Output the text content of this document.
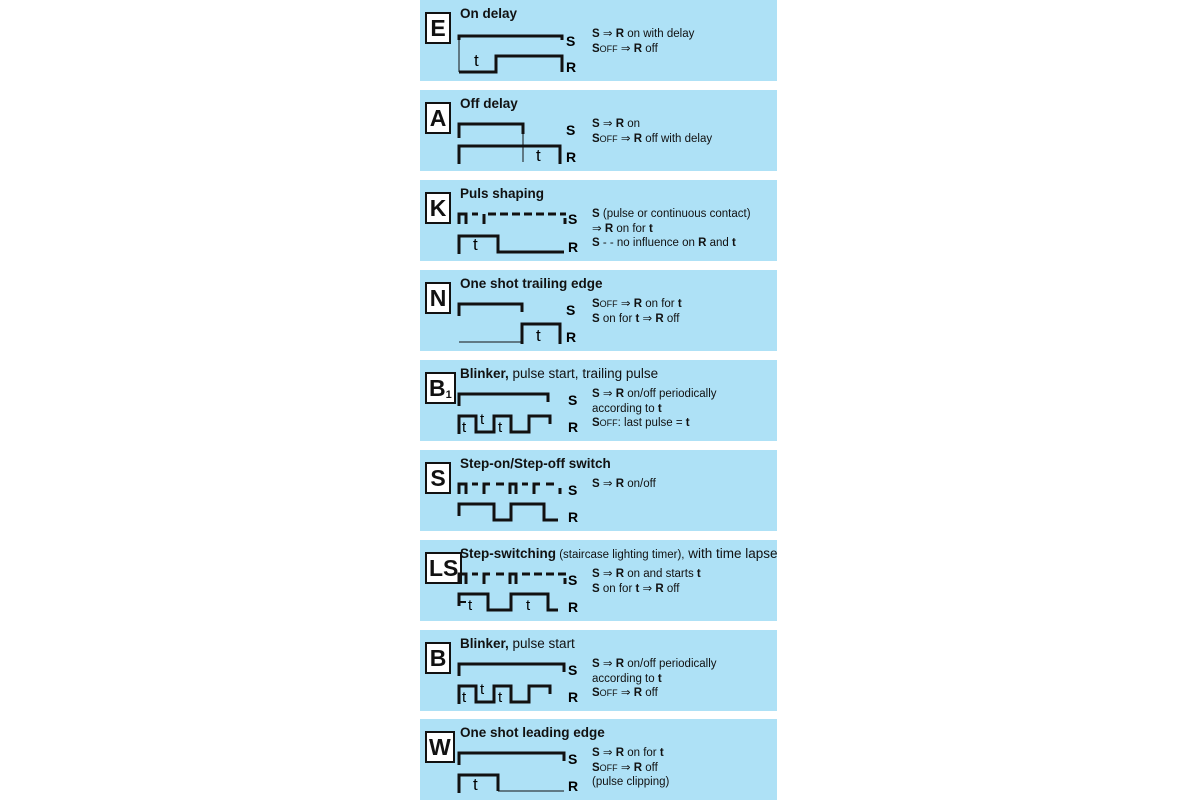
E
On delay
t
S
R
S ⇒ R on with delay
SOFF ⇒ R off
A
Off delay
t
S
R
S ⇒ R on
SOFF ⇒ R off with delay
K
Puls shaping
t
S
R
S (pulse or continuous contact)
⇒ R on for t
S - - no influence on R and t
N
One shot trailing edge
t
S
R
SOFF ⇒ R on for t
S on for t ⇒ R off
$B_1$
Blinker, pulse start, trailing pulse
t t t
S
R
S ⇒ R on/off periodically
according to t
SOFF: last pulse = t
S
Step-on/Step-off switch
S
R
S ⇒ R on/off
LS
Step-switching (staircase lighting timer), with time lapse
t	t
S
R
S ⇒ R on and starts t
S on for t ⇒ R off
B
Blinker, pulse start
t t t
S
R
S ⇒ R on/off periodically
according to t
SOFF ⇒ R off
W
One shot leading edge
t
S
R
S ⇒ R on for t
SOFF ⇒ R off
(pulse clipping)
